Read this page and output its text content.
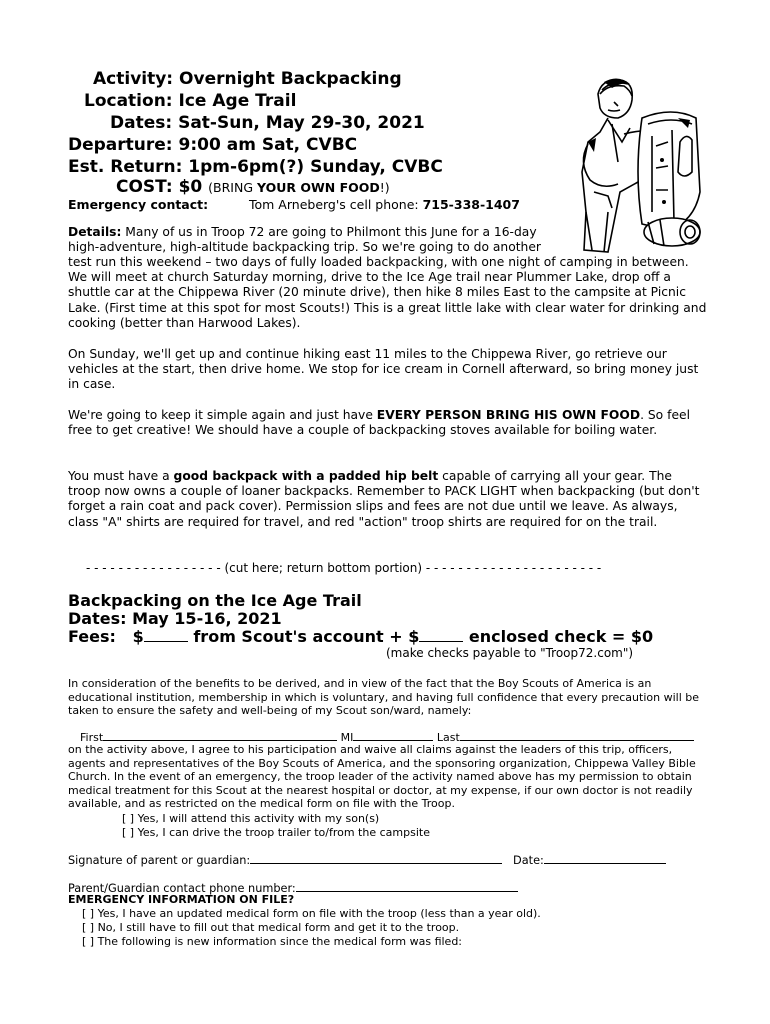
Activity: Overnight Backpacking
Location: Ice Age Trail
Dates: Sat-Sun, May 29-30, 2021
Departure: 9:00 am Sat, CVBC
Est. Return: 1pm-6pm(?) Sunday, CVBC
COST: $0 (BRING YOUR OWN FOOD!)
Emergency contact:	Tom Arneberg's cell phone: 715-338-1407
Details: Many of us in Troop 72 are going to Philmont this June for a 16-day
high-adventure, high-altitude backpacking trip. So we're going to do another
test run this weekend – two days of fully loaded backpacking, with one night of camping in between. We will meet at church Saturday morning, drive to the Ice Age trail near Plummer Lake, drop off a shuttle car at the Chippewa River (20 minute drive), then hike 8 miles East to the campsite at Picnic Lake. (First time at this spot for most Scouts!) This is a great little lake with clear water for drinking and cooking (better than Harwood Lakes).
On Sunday, we'll get up and continue hiking east 11 miles to the Chippewa River, go retrieve our vehicles at the start, then drive home. We stop for ice cream in Cornell afterward, so bring money just in case.
We're going to keep it simple again and just have EVERY PERSON BRING HIS OWN FOOD. So feel free to get creative! We should have a couple of backpacking stoves available for boiling water.
You must have a good backpack with a padded hip belt capable of carrying all your gear. The troop now owns a couple of loaner backpacks. Remember to PACK LIGHT when backpacking (but don't forget a rain coat and pack cover). Permission slips and fees are not due until we leave. As always, class "A" shirts are required for travel, and red "action" troop shirts are required for on the trail.
- - - - - - - - - - - - - - - - - (cut here; return bottom portion) - - - - - - - - - - - - - - - - - - - - - -
Backpacking on the Ice Age Trail
Dates: May 15-16, 2021
Fees: $	from Scout's account + $	enclosed check = $0
(make checks payable to "Troop72.com")
In consideration of the benefits to be derived, and in view of the fact that the Boy Scouts of America is an educational institution, membership in which is voluntary, and having full confidence that every precaution will be taken to ensure the safety and well-being of my Scout son/ward, namely:
First	MI	Last
on the activity above, I agree to his participation and waive all claims against the leaders of this trip, officers, agents and representatives of the Boy Scouts of America, and the sponsoring organization, Chippewa Valley Bible Church. In the event of an emergency, the troop leader of the activity named above has my permission to obtain medical treatment for this Scout at the nearest hospital or doctor, at my expense, if our own doctor is not readily available, and as restricted on the medical form on file with the Troop.
[ ] Yes, I will attend this activity with my son(s)
[ ] Yes, I can drive the troop trailer to/from the campsite
Signature of parent or guardian:	Date:
Parent/Guardian contact phone number:
EMERGENCY INFORMATION ON FILE?
[ ] Yes, I have an updated medical form on file with the troop (less than a year old).
[ ] No, I still have to fill out that medical form and get it to the troop.
[ ] The following is new information since the medical form was filed:
